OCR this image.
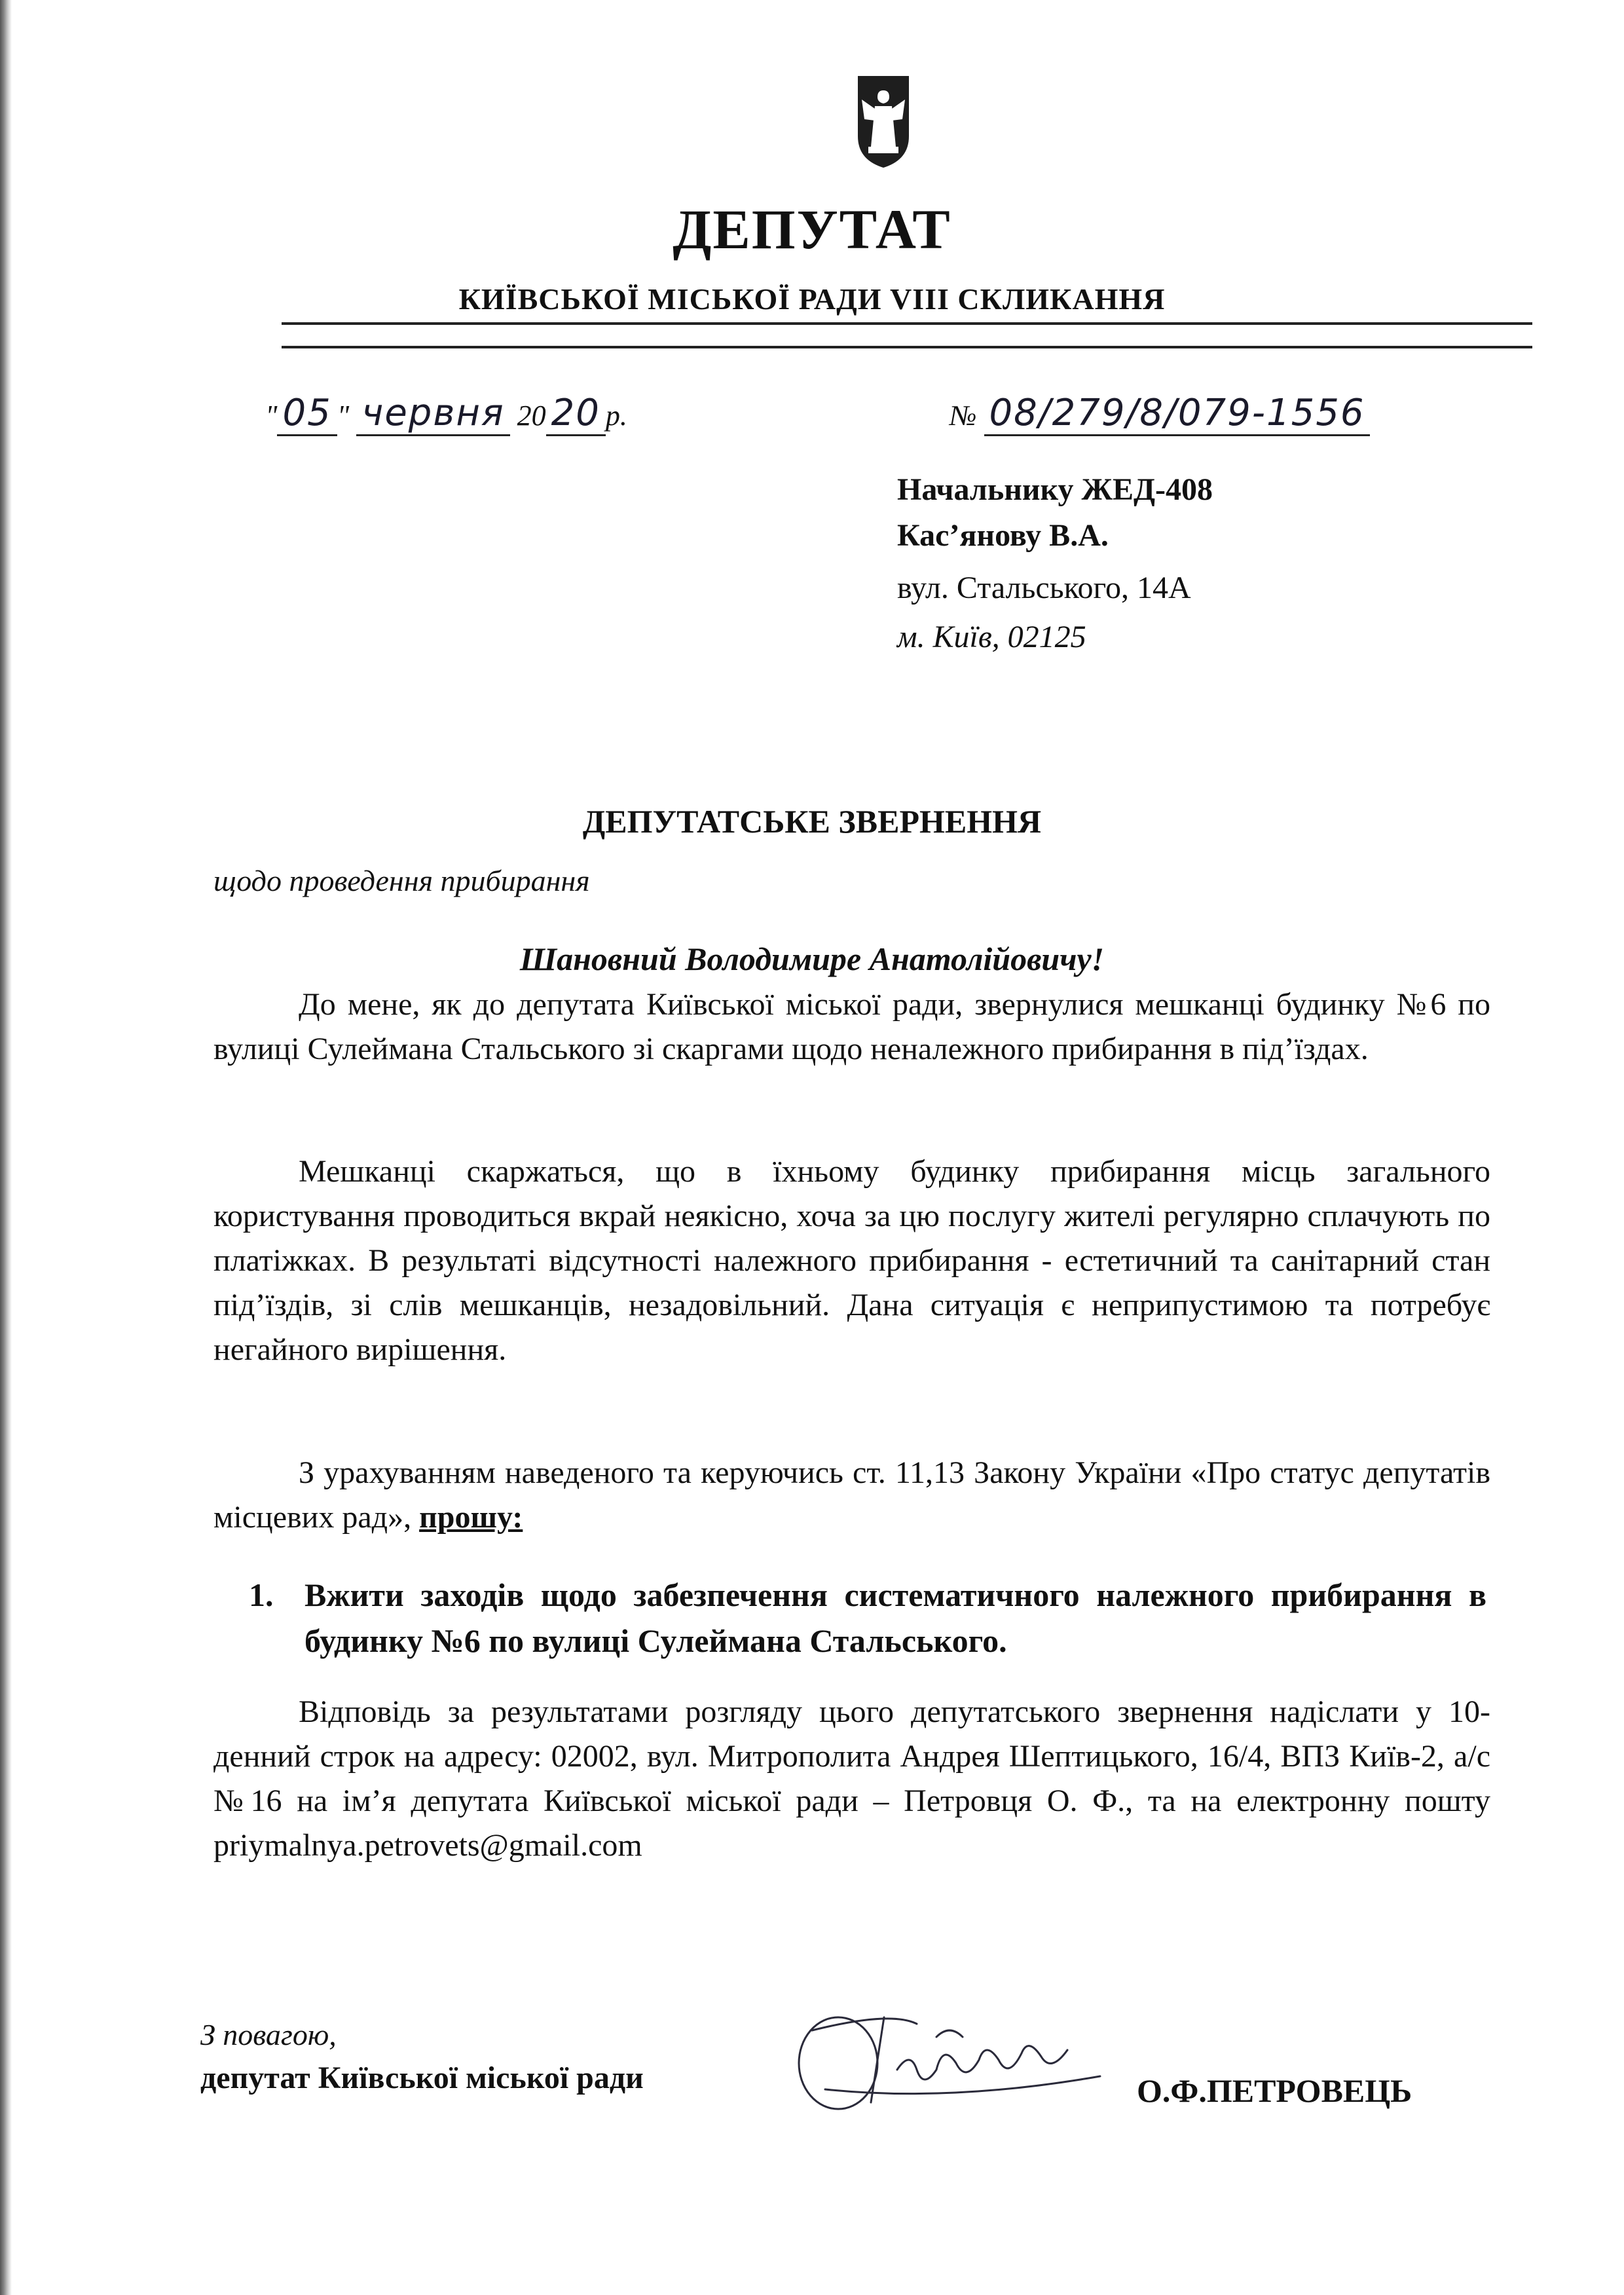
ДЕПУТАТ
КИЇВСЬКОЇ МІСЬКОЇ РАДИ VIII СКЛИКАННЯ
" 05 " червня 20 20 р.	№ 08/279/8/079-1556
Начальнику ЖЕД-408
Кас’янову В.А.
вул. Стальського, 14А
м. Київ, 02125
ДЕПУТАТСЬКЕ ЗВЕРНЕННЯ
щодо проведення прибирання
Шановний Володимире Анатолійовичу!
До мене, як до депутата Київської міської ради, звернулися мешканці будинку №6 по вулиці Сулеймана Стальського зі скаргами щодо неналежного прибирання в під’їздах.
Мешканці скаржаться, що в їхньому будинку прибирання місць загального користування проводиться вкрай неякісно, хоча за цю послугу жителі регулярно сплачують по платіжках. В результаті відсутності належного прибирання - естетичний та санітарний стан під’їздів, зі слів мешканців, незадовільний. Дана ситуація є неприпустимою та потребує негайного вирішення.
З урахуванням наведеного та керуючись ст. 11,13 Закону України «Про статус депутатів місцевих рад», прошу:
1. Вжити заходів щодо забезпечення систематичного належного прибирання в будинку №6 по вулиці Сулеймана Стальського.
Відповідь за результатами розгляду цього депутатського звернення надіслати у 10-денний строк на адресу: 02002, вул. Митрополита Андрея Шептицького, 16/4, ВПЗ Київ-2, а/с №16 на ім’я депутата Київської міської ради – Петровця О. Ф., та на електронну пошту priymalnya.petrovets@gmail.com
З повагою,
депутат Київської міської ради	О.Ф.ПЕТРОВЕЦЬ
